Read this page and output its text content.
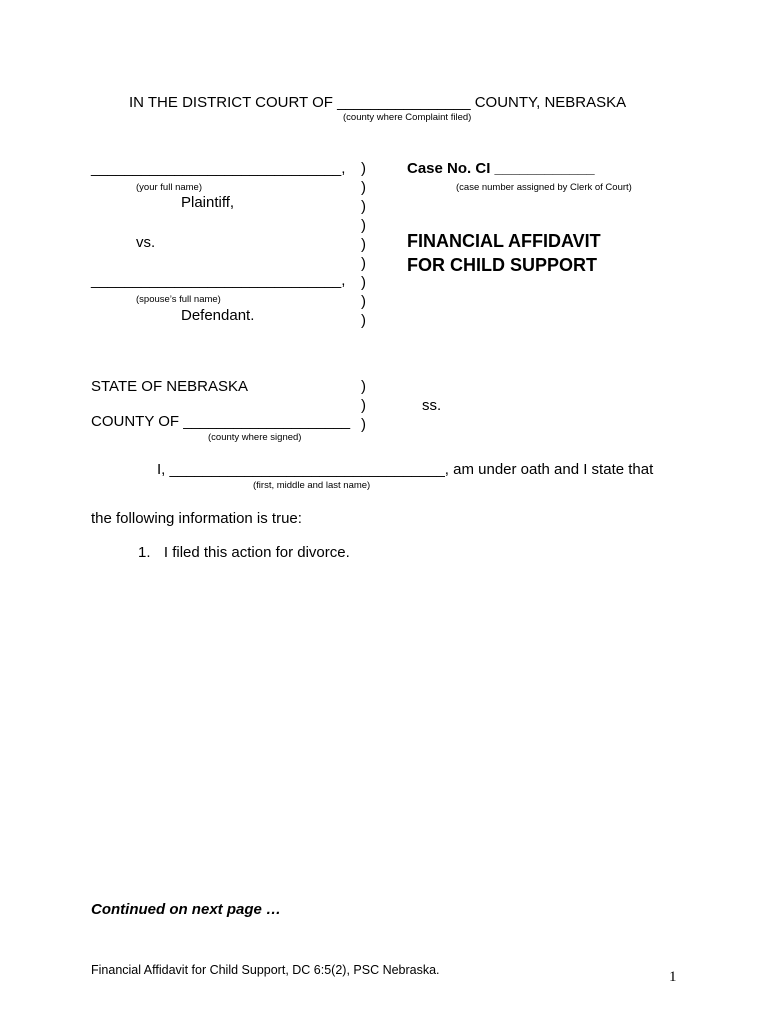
IN THE DISTRICT COURT OF ________________ COUNTY, NEBRASKA
(county where Complaint filed)
______________________________,
(your full name)
Plaintiff,
vs.
______________________________,
(spouse’s full name)
Defendant.
)
)
)
)
)
)
)
)
)
Case No. CI ____________
(case number assigned by Clerk of Court)
FINANCIAL AFFIDAVIT
FOR CHILD SUPPORT
STATE OF NEBRASKA	)
)
)
ss.
COUNTY OF ____________________
(county where signed)
I, _________________________________, am under oath and I state that
(first, middle and last name)
the following information is true:
1. I filed this action for divorce.
Continued on next page …
Financial Affidavit for Child Support, DC 6:5(2), PSC Nebraska.	1
